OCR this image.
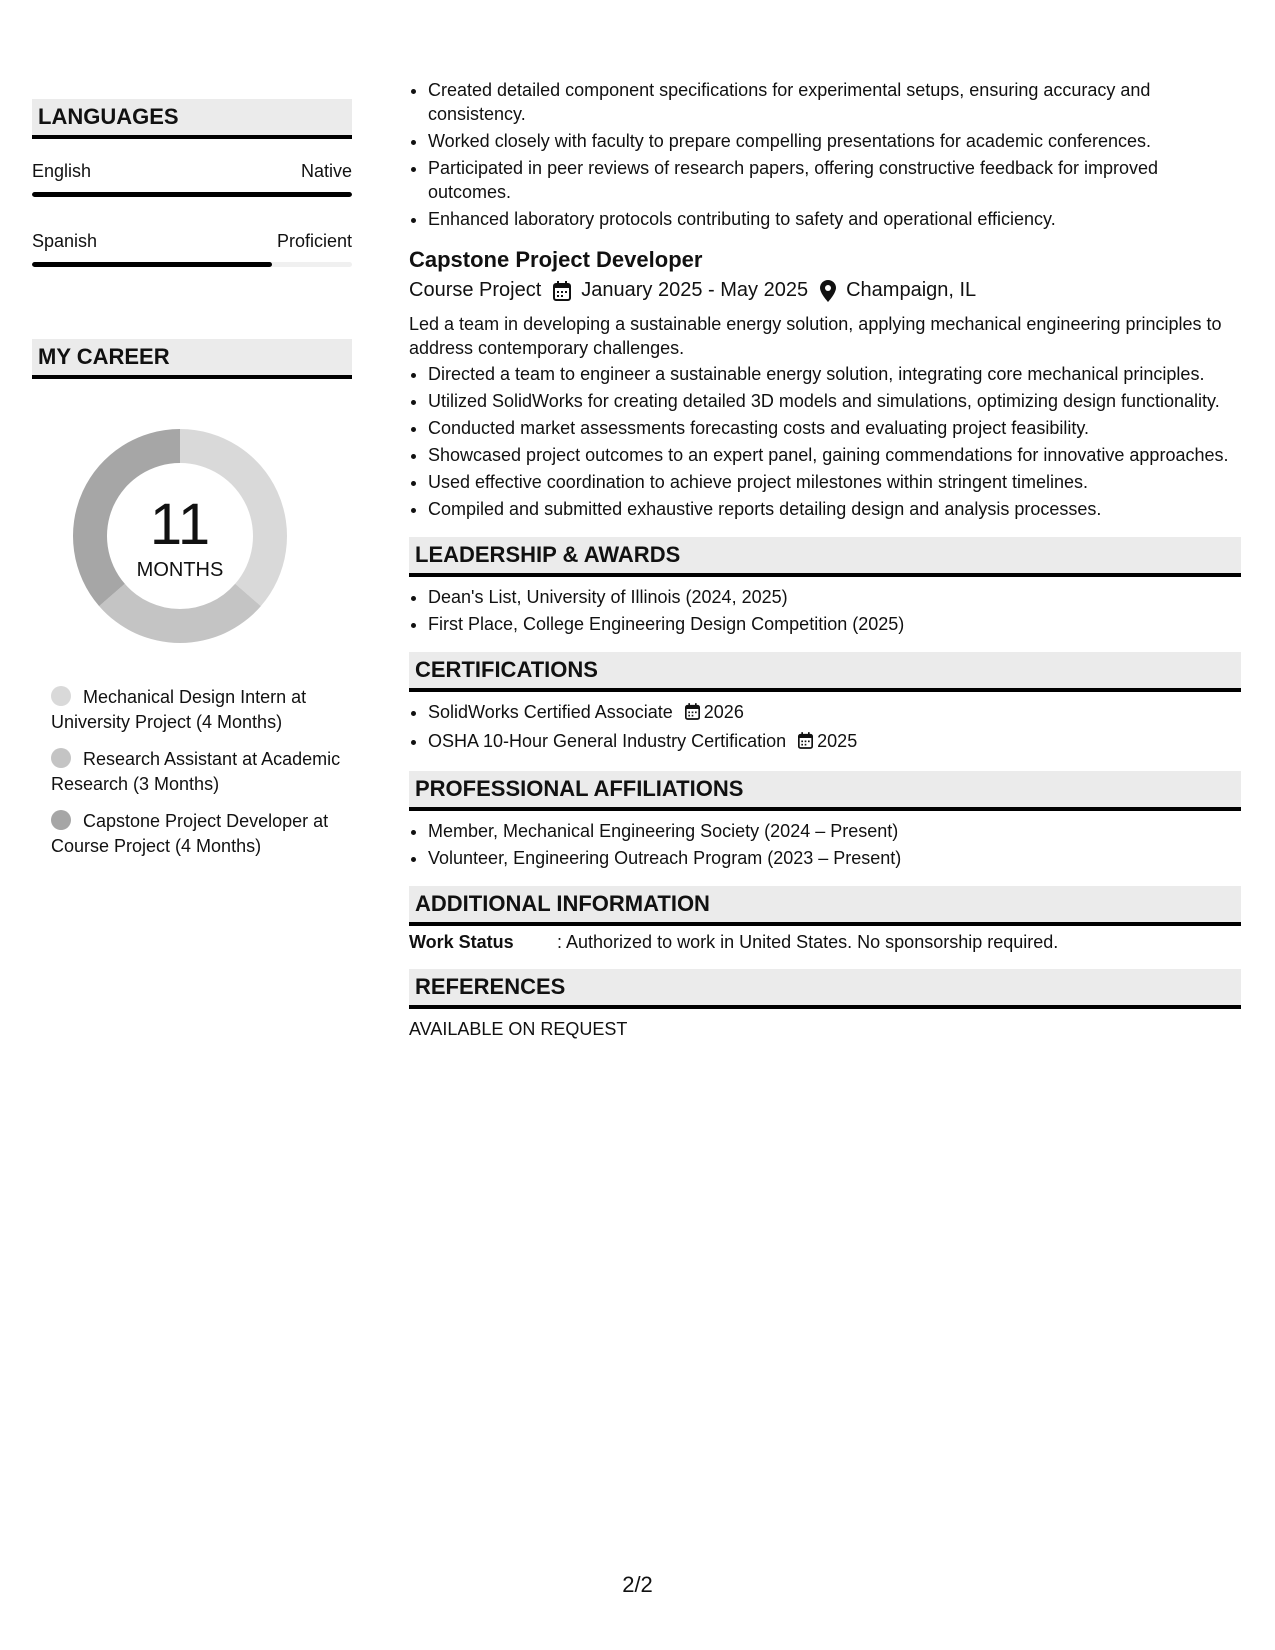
LANGUAGES
English	Native
Spanish	Proficient
MY CAREER
11
MONTHS
Mechanical Design Intern at University Project (4 Months)
Research Assistant at Academic Research (3 Months)
Capstone Project Developer at Course Project (4 Months)
• Created detailed component specifications for experimental setups, ensuring accuracy and consistency.
• Worked closely with faculty to prepare compelling presentations for academic conferences.
• Participated in peer reviews of research papers, offering constructive feedback for improved outcomes.
• Enhanced laboratory protocols contributing to safety and operational efficiency.
Capstone Project Developer
Course Project January 2025 - May 2025 Champaign, IL
Led a team in developing a sustainable energy solution, applying mechanical engineering principles to address contemporary challenges.
• Directed a team to engineer a sustainable energy solution, integrating core mechanical principles.
• Utilized SolidWorks for creating detailed 3D models and simulations, optimizing design functionality.
• Conducted market assessments forecasting costs and evaluating project feasibility.
• Showcased project outcomes to an expert panel, gaining commendations for innovative approaches.
• Used effective coordination to achieve project milestones within stringent timelines.
• Compiled and submitted exhaustive reports detailing design and analysis processes.
LEADERSHIP & AWARDS
• Dean's List, University of Illinois (2024, 2025)
• First Place, College Engineering Design Competition (2025)
CERTIFICATIONS
• SolidWorks Certified Associate 2026
• OSHA 10-Hour General Industry Certification 2025
PROFESSIONAL AFFILIATIONS
• Member, Mechanical Engineering Society (2024 – Present)
• Volunteer, Engineering Outreach Program (2023 – Present)
ADDITIONAL INFORMATION
Work Status	: Authorized to work in United States. No sponsorship required.
REFERENCES
AVAILABLE ON REQUEST
2/2
